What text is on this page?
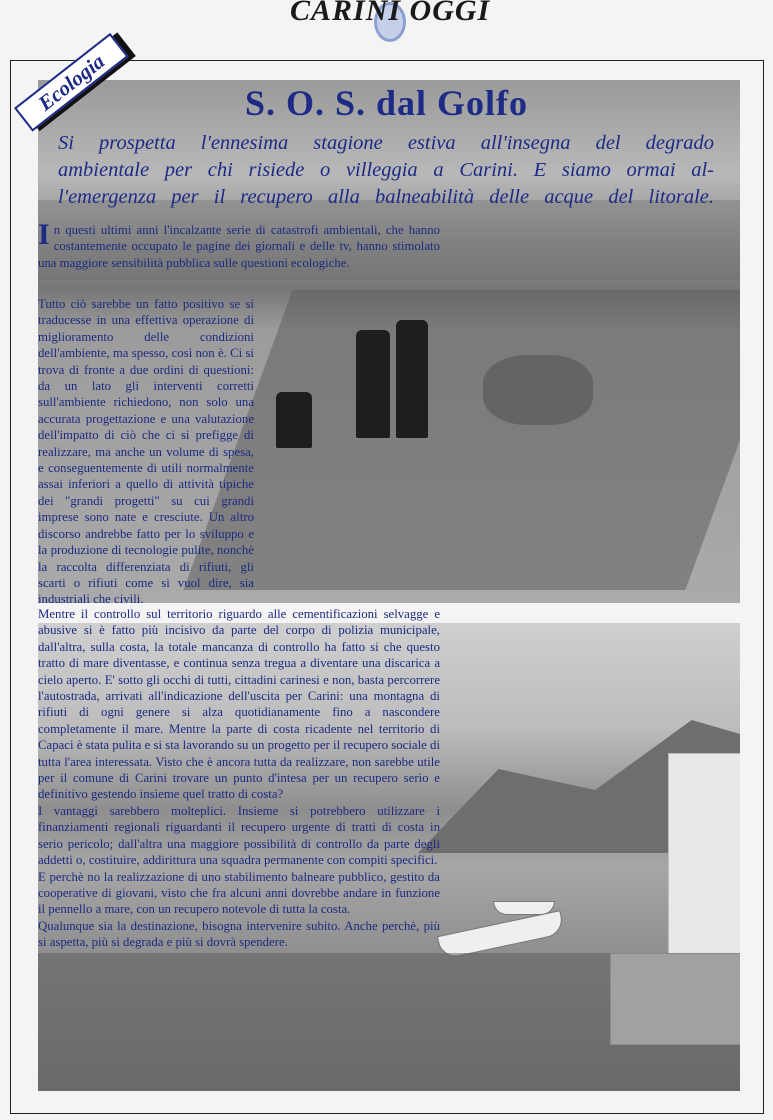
CARINI OGGI
Ecologia	S. O. S. dal Golfo
Si prospetta l'ennesima stagione estiva all'insegna del degrado
ambientale per chi risiede o villeggia a Carini. E siamo ormai al-
l'emergenza per il recupero alla balneabilità delle acque del litorale.

In questi ultimi anni l'incalzante serie di catastrofi ambientali, che hanno costantemente occupato le pagine dei giornali e delle tv, hanno stimolato una maggiore sensibilità pubblica sulle questioni ecologiche.

Tutto ciò sarebbe un fatto positivo se si traducesse in una effettiva operazione di miglioramento delle condizioni dell'ambiente, ma spesso, così non è. Ci si trova di fronte a due ordini di questioni: da un lato gli interventi corretti sull'ambiente richiedono, non solo una accurata progettazione e una valutazione dell'impatto di ciò che ci si prefigge di realizzare, ma anche un volume di spesa, e conseguentemente di utili normalmente assai inferiori a quello di attività tipiche dei "grandi progetti" su cui grandi imprese sono nate e cresciute. Un altro discorso andrebbe fatto per lo sviluppo e la produzione di tecnologie pulite, nonchè la raccolta differenziata di rifiuti, gli scarti o rifiuti come si vuol dire, sia industriali che civili.

Mentre il controllo sul territorio riguardo alle cementificazioni selvagge e abusive si è fatto più incisivo da parte del corpo di polizia municipale, dall'altra, sulla costa, la totale mancanza di controllo ha fatto si che questo tratto di mare diventasse, e continua senza tregua a diventare una discarica a cielo aperto. E' sotto gli occhi di tutti, cittadini carinesi e non, basta percorrere l'autostrada, arrivati all'indicazione dell'uscita per Carini: una montagna di rifiuti di ogni genere si alza quotidianamente fino a nascondere completamente il mare. Mentre la parte di costa ricadente nel territorio di Capaci è stata pulita e si sta lavorando su un progetto per il recupero sociale di tutta l'area interessata. Visto che è ancora tutta da realizzare, non sarebbe utile per il comune di Carini trovare un punto d'intesa per un recupero serio e definitivo gestendo insieme quel tratto di costa?

I vantaggi sarebbero molteplici. Insieme si potrebbero utilizzare i finanziamenti regionali riguardanti il recupero urgente di tratti di costa in serio pericolo; dall'altra una maggiore possibilità di controllo da parte degli addetti o, costituire, addirittura una squadra permanente con compiti specifici.

E perchè no la realizzazione di uno stabilimento balneare pubblico, gestito da cooperative di giovani, visto che fra alcuni anni dovrebbe andare in funzione il pennello a mare, con un recupero notevole di tutta la costa.

Qualunque sia la destinazione, bisogna intervenire subito. Anche perchè, più si aspetta, più si degrada e più si dovrà spendere.
